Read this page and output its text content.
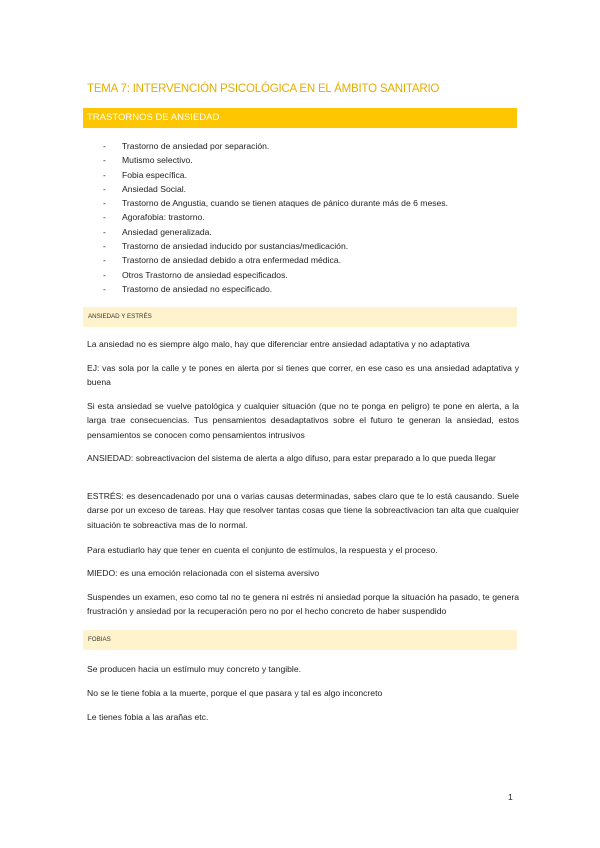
TEMA 7: INTERVENCIÓN PSICOLÓGICA EN EL ÁMBITO SANITARIO
TRASTORNOS DE ANSIEDAD
- Trastorno de ansiedad por separación.
- Mutismo selectivo.
- Fobia específica.
- Ansiedad Social.
- Trastorno de Angustia, cuando se tienen ataques de pánico durante más de 6 meses.
- Agorafobia: trastorno.
- Ansiedad generalizada.
- Trastorno de ansiedad inducido por sustancias/medicación.
- Trastorno de ansiedad debido a otra enfermedad médica.
- Otros Trastorno de ansiedad especificados.
- Trastorno de ansiedad no especificado.
ANSIEDAD Y ESTRÉS

La ansiedad no es siempre algo malo, hay que diferenciar entre ansiedad adaptativa y no adaptativa

EJ: vas sola por la calle y te pones en alerta por si tienes que correr, en ese caso es una ansiedad adaptativa y buena

Si esta ansiedad se vuelve patológica y cualquier situación (que no te ponga en peligro) te pone en alerta, a la larga trae consecuencias. Tus pensamientos desadaptativos sobre el futuro te generan la ansiedad, estos pensamientos se conocen como pensamientos intrusivos

ANSIEDAD: sobreactivacion del sistema de alerta a algo difuso, para estar preparado a lo que pueda llegar

ESTRÉS: es desencadenado por una o varias causas determinadas, sabes claro que te lo está causando. Suele darse por un exceso de tareas. Hay que resolver tantas cosas que tiene la sobreactivacion tan alta que cualquier situación te sobreactiva mas de lo normal.

Para estudiarlo hay que tener en cuenta el conjunto de estímulos, la respuesta y el proceso.

MIEDO: es una emoción relacionada con el sistema aversivo

Suspendes un examen, eso como tal no te genera ni estrés ni ansiedad porque la situación ha pasado, te genera frustración y ansiedad por la recuperación pero no por el hecho concreto de haber suspendido

FOBIAS

Se producen hacia un estímulo muy concreto y tangible.

No se le tiene fobia a la muerte, porque el que pasara y tal es algo inconcreto

Le tienes fobia a las arañas etc.

1
